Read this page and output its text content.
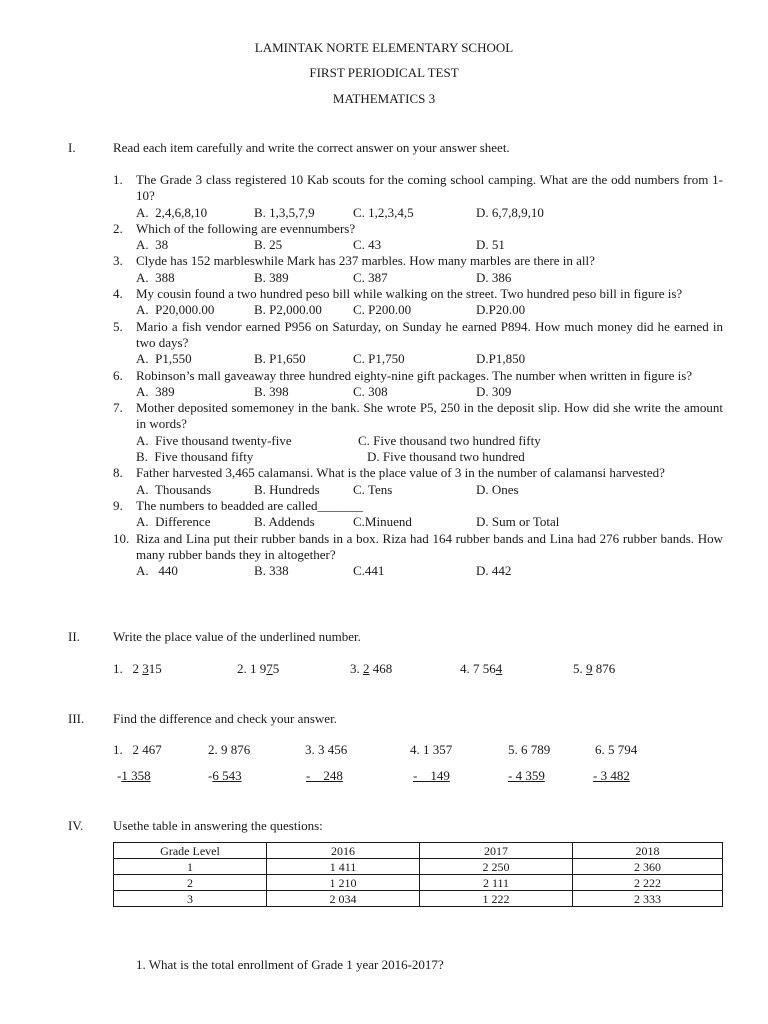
LAMINTAK NORTE ELEMENTARY SCHOOL
FIRST PERIODICAL TEST
MATHEMATICS 3
I.	Read each item carefully and write the correct answer on your answer sheet.
1.	The Grade 3 class registered 10 Kab scouts for the coming school camping. What are the odd numbers from 1-10?
A.  2,4,6,8,10	B. 1,3,5,7,9	C. 1,2,3,4,5	D. 6,7,8,9,10
2.	Which of the following are evennumbers?
A.  38	B. 25	C. 43	D. 51
3.	Clyde has 152 marbleswhile Mark has 237 marbles. How many marbles are there in all?
A.  388	B. 389	C. 387	D. 386
4.	My cousin found a two hundred peso bill while walking on the street. Two hundred peso bill in figure is?
A.  P20,000.00	B. P2,000.00 C. P200.00	D.P20.00
5.	Mario a fish vendor earned P956 on Saturday, on Sunday he earned P894. How much money did he earned in two days?
A.  P1,550	B. P1,650	C. P1,750	D.P1,850
6.	Robinson’s mall gaveaway three hundred eighty-nine gift packages. The number when written in figure is?
A.  389	B. 398	C. 308	D. 309
7.	Mother deposited somemoney in the bank. She wrote P5, 250 in the deposit slip. How did she write the amount in words?
A.  Five thousand twenty-five	C. Five thousand two hundred fifty
B.  Five thousand fifty	D. Five thousand two hundred
8.	Father harvested 3,465 calamansi. What is the place value of 3 in the number of calamansi harvested?
A.  Thousands	B. Hundreds	C. Tens	D. Ones
9.	The numbers to beadded are called_______
A.  Difference	B. Addends	C.Minuend	D. Sum or Total
10. Riza and Lina put their rubber bands in a box. Riza had 164 rubber bands and Lina had 276 rubber bands. How many rubber bands they in altogether?
A.   440	B. 338	C.441	D. 442
II.	Write the place value of the underlined number.
1.   2 315	2. 1 975	3. 2 468	4. 7 564	5. 9 876
III. Find the difference and check your answer.
1.   2 467	2. 9 876	3. 3 456	4. 1 357	5. 6 789	6. 5 794
-1 358	-6 543	-    248	-    149	- 4 359	- 3 482
IV. Usethe table in answering the questions:
Grade Level	2016	2017	2018
1	1 411	2 250	2 360
2	1 210	2 111	2 222
3	2 034	1 222	2 333
1. What is the total enrollment of Grade 1 year 2016-2017?
